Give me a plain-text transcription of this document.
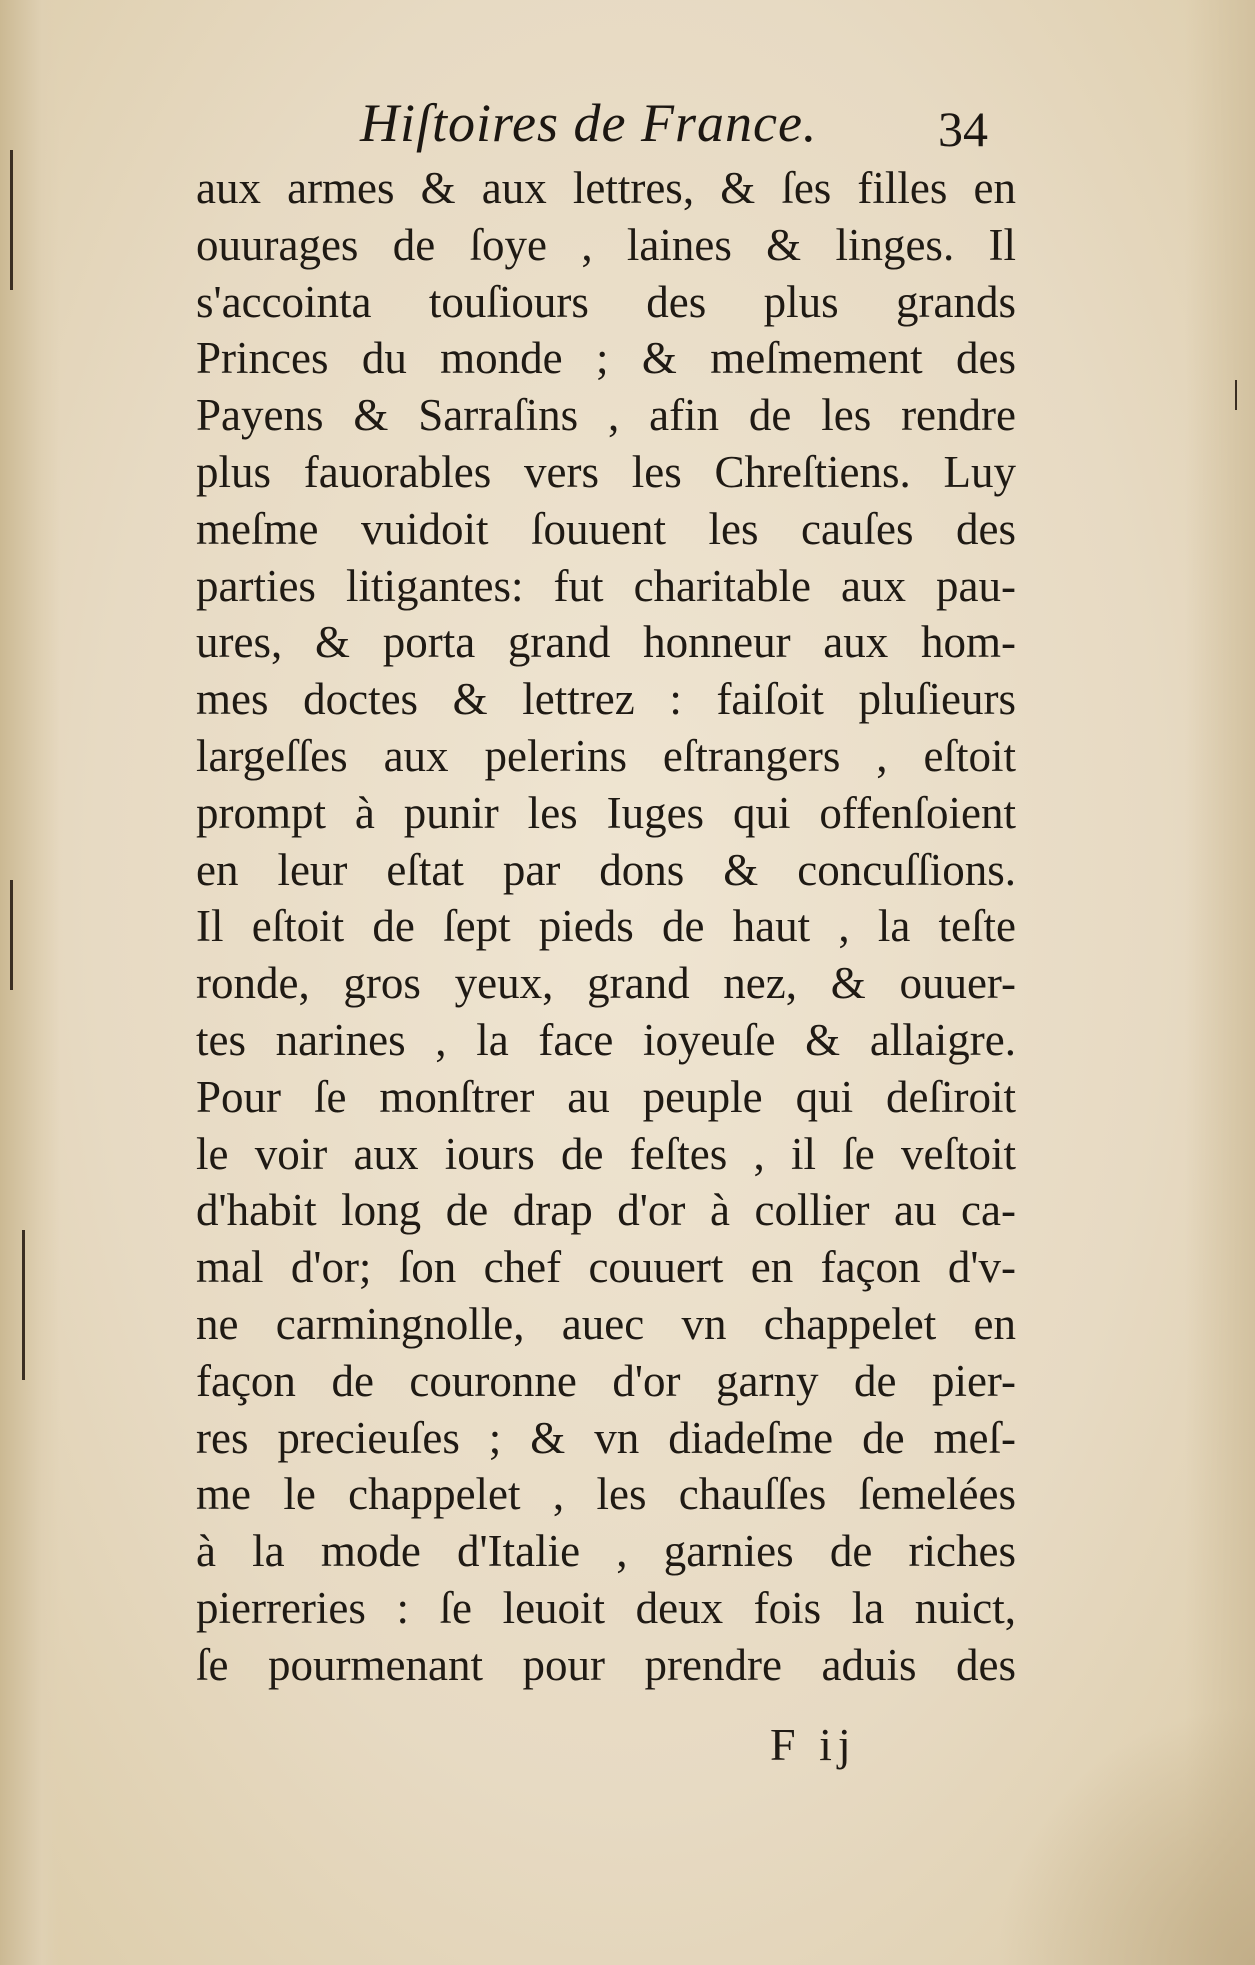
Hiſtoires de France. 34
aux armes & aux lettres, & ſes filles en
ouurages de ſoye , laines & linges. Il
s'accointa touſiours des plus grands
Princes du monde ; & meſmement des
Payens & Sarraſins , afin de les rendre
plus fauorables vers les Chreſtiens. Luy
meſme vuidoit ſouuent les cauſes des
parties litigantes: fut charitable aux pau-
ures, & porta grand honneur aux hom-
mes doctes & lettrez : faiſoit pluſieurs
largeſſes aux pelerins eſtrangers , eſtoit
prompt à punir les Iuges qui offenſoient
en leur eſtat par dons & concuſſions.
Il eſtoit de ſept pieds de haut , la teſte
ronde, gros yeux, grand nez, & ouuer-
tes narines , la face ioyeuſe & allaigre.
Pour ſe monſtrer au peuple qui deſiroit
le voir aux iours de feſtes , il ſe veſtoit
d'habit long de drap d'or à collier au ca-
mal d'or; ſon chef couuert en façon d'v-
ne carmingnolle, auec vn chappelet en
façon de couronne d'or garny de pier-
res precieuſes ; & vn diadeſme de meſ-
me le chappelet , les chauſſes ſemelées
à la mode d'Italie , garnies de riches
pierreries : ſe leuoit deux fois la nuict,
ſe pourmenant pour prendre aduis des
F ij
